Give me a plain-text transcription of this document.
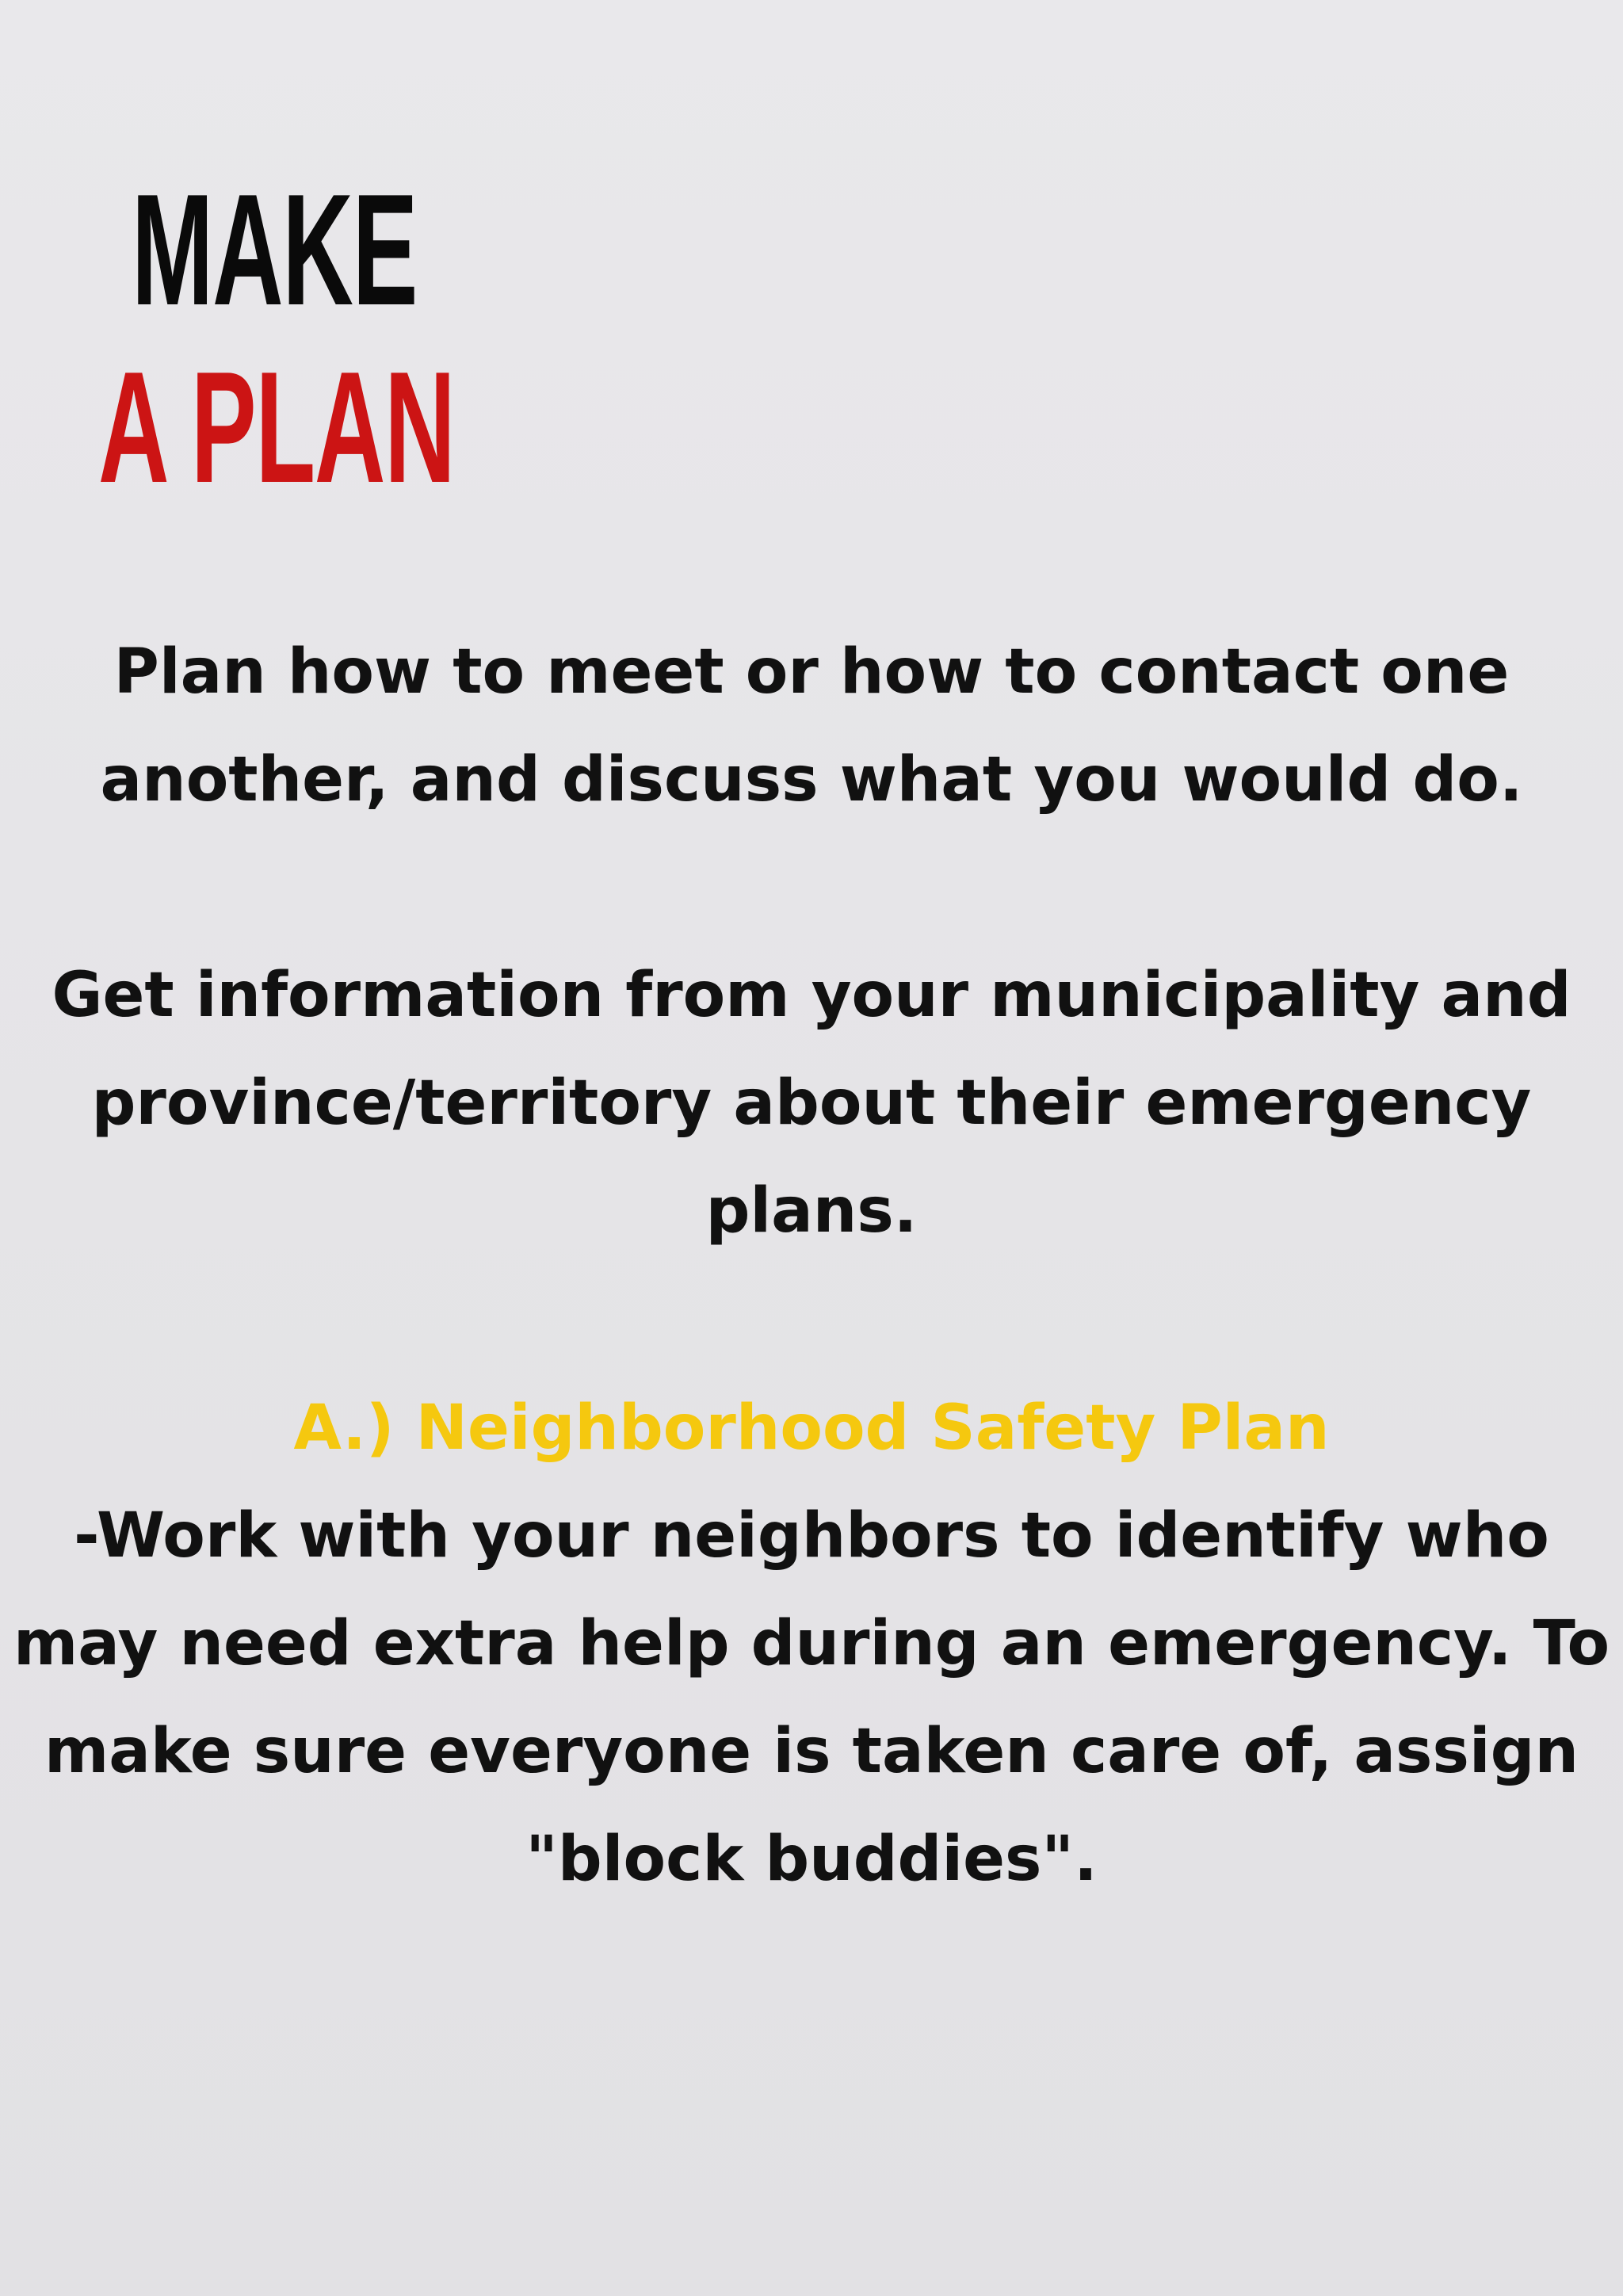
MAKE
A PLAN

Plan how to meet or how to contact one
another, and discuss what you would do.

Get information from your municipality and
province/territory about their emergency
plans.

A.) Neighborhood Safety Plan

-Work with your neighbors to identify who
may need extra help during an emergency. To
make sure everyone is taken care of, assign
"block buddies".
